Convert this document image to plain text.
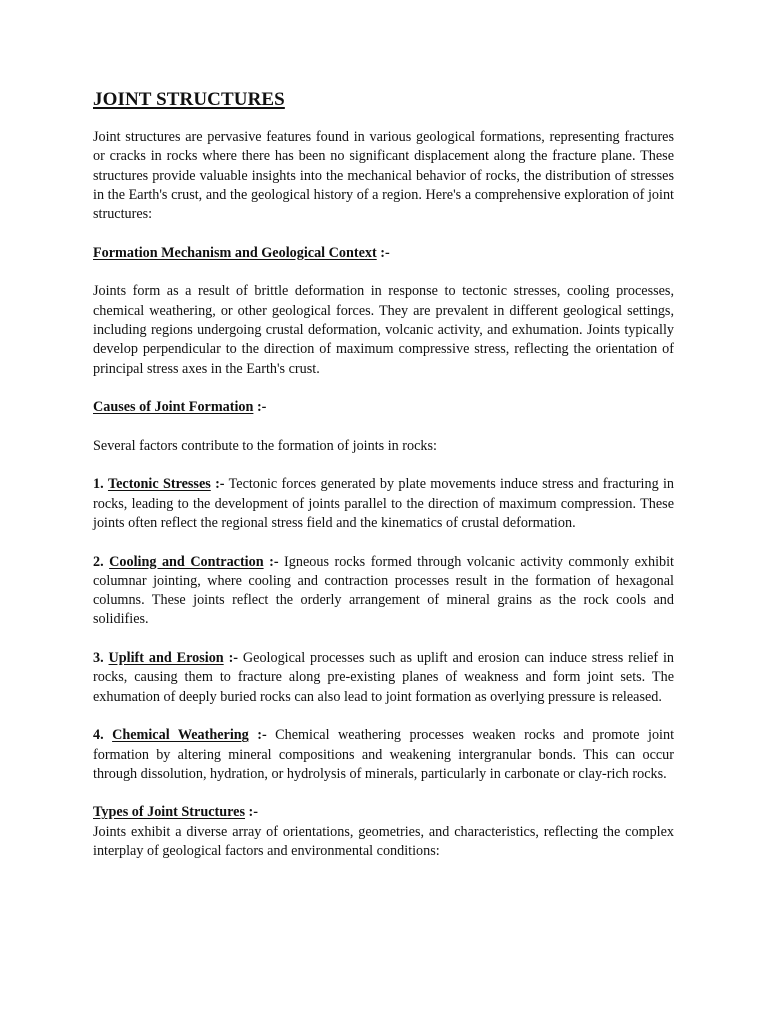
JOINT STRUCTURES

Joint structures are pervasive features found in various geological formations, representing fractures or cracks in rocks where there has been no significant displacement along the fracture plane. These structures provide valuable insights into the mechanical behavior of rocks, the distribution of stresses in the Earth's crust, and the geological history of a region. Here's a comprehensive exploration of joint structures:

Formation Mechanism and Geological Context :-

Joints form as a result of brittle deformation in response to tectonic stresses, cooling processes, chemical weathering, or other geological forces. They are prevalent in different geological settings, including regions undergoing crustal deformation, volcanic activity, and exhumation. Joints typically develop perpendicular to the direction of maximum compressive stress, reflecting the orientation of principal stress axes in the Earth's crust.

Causes of Joint Formation :-

Several factors contribute to the formation of joints in rocks:

1. Tectonic Stresses :- Tectonic forces generated by plate movements induce stress and fracturing in rocks, leading to the development of joints parallel to the direction of maximum compression. These joints often reflect the regional stress field and the kinematics of crustal deformation.

2. Cooling and Contraction :- Igneous rocks formed through volcanic activity commonly exhibit columnar jointing, where cooling and contraction processes result in the formation of hexagonal columns. These joints reflect the orderly arrangement of mineral grains as the rock cools and solidifies.

3. Uplift and Erosion :- Geological processes such as uplift and erosion can induce stress relief in rocks, causing them to fracture along pre-existing planes of weakness and form joint sets. The exhumation of deeply buried rocks can also lead to joint formation as overlying pressure is released.

4. Chemical Weathering :- Chemical weathering processes weaken rocks and promote joint formation by altering mineral compositions and weakening intergranular bonds. This can occur through dissolution, hydration, or hydrolysis of minerals, particularly in carbonate or clay-rich rocks.

Types of Joint Structures :-

Joints exhibit a diverse array of orientations, geometries, and characteristics, reflecting the complex interplay of geological factors and environmental conditions:
